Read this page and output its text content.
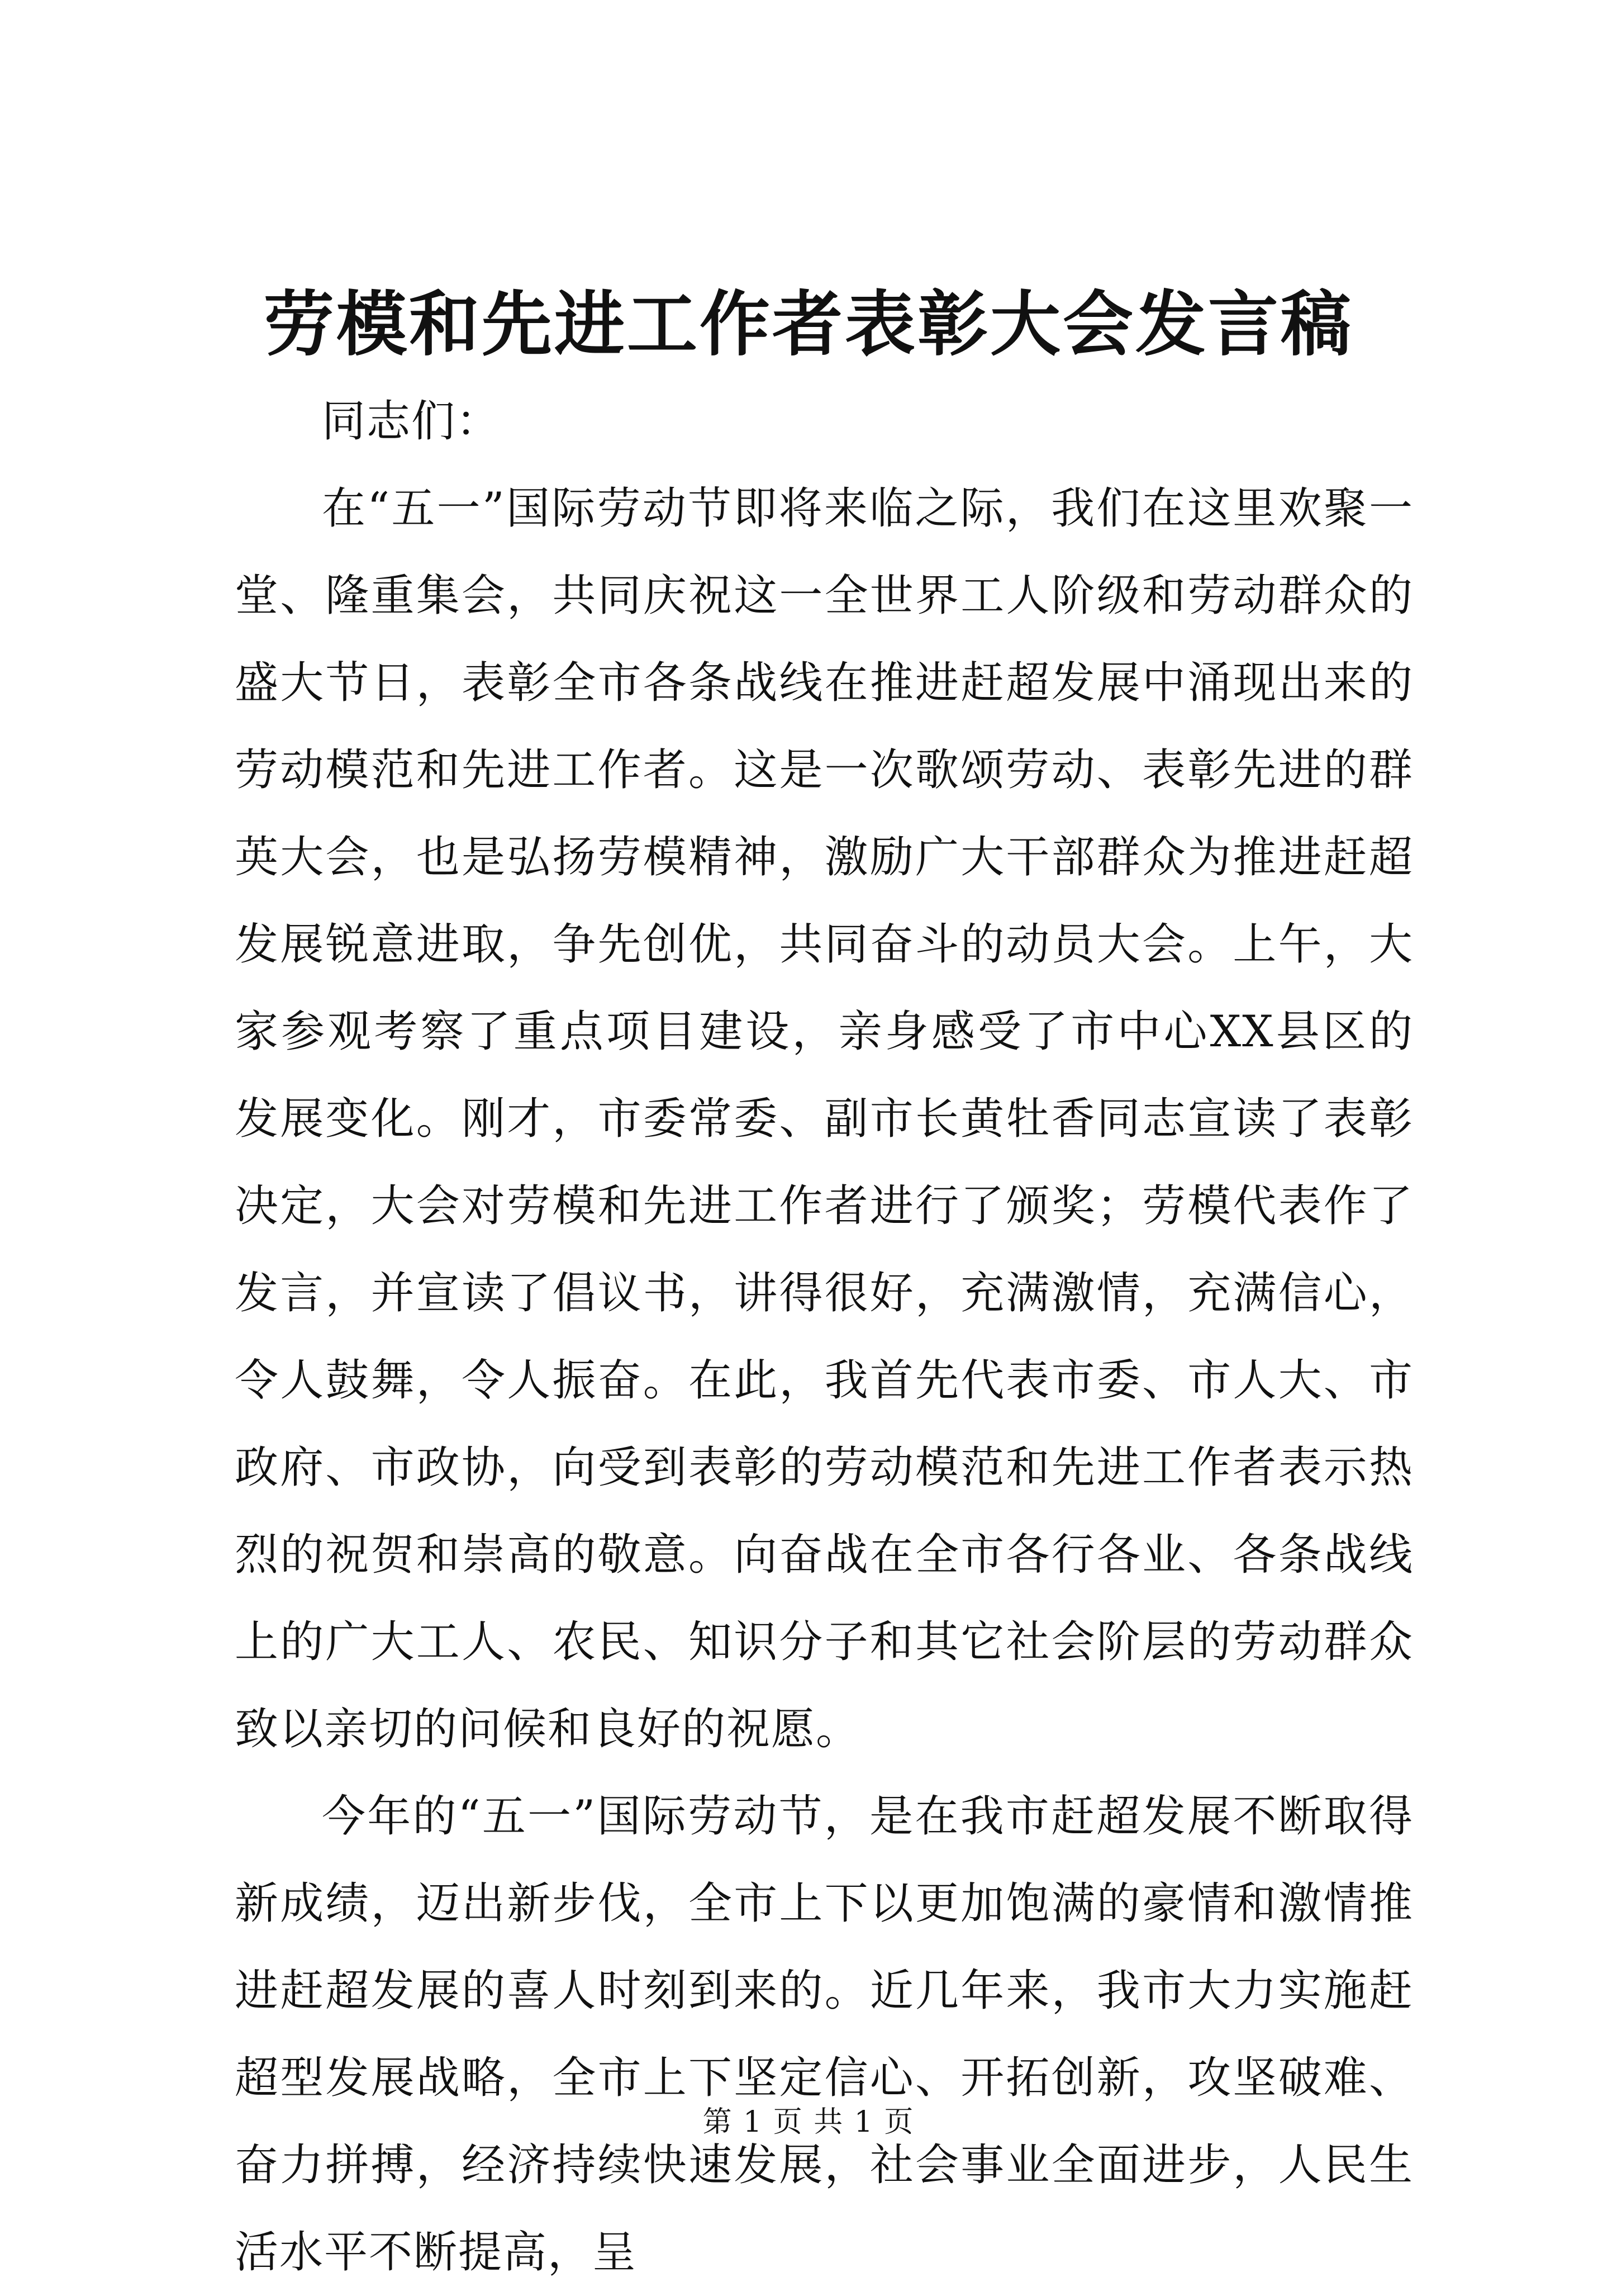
劳模和先进工作者表彰大会发言稿

同志们：

在“五一”国际劳动节即将来临之际，我们在这里欢聚一堂、隆重集会，共同庆祝这一全世界工人阶级和劳动群众的盛大节日，表彰全市各条战线在推进赶超发展中涌现出来的劳动模范和先进工作者。这是一次歌颂劳动、表彰先进的群英大会，也是弘扬劳模精神，激励广大干部群众为推进赶超发展锐意进取，争先创优，共同奋斗的动员大会。上午，大家参观考察了重点项目建设，亲身感受了市中心XX县区的发展变化。刚才，市委常委、副市长黄牡香同志宣读了表彰决定，大会对劳模和先进工作者进行了颁奖；劳模代表作了发言，并宣读了倡议书，讲得很好，充满激情，充满信心，令人鼓舞，令人振奋。在此，我首先代表市委、市人大、市政府、市政协，向受到表彰的劳动模范和先进工作者表示热烈的祝贺和崇高的敬意。向奋战在全市各行各业、各条战线上的广大工人、农民、知识分子和其它社会阶层的劳动群众致以亲切的问候和良好的祝愿。

今年的“五一”国际劳动节，是在我市赶超发展不断取得新成绩，迈出新步伐，全市上下以更加饱满的豪情和激情推进赶超发展的喜人时刻到来的。近几年来，我市大力实施赶超型发展战略，全市上下坚定信心、开拓创新，攻坚破难、奋力拼搏，经济持续快速发展，社会事业全面进步，人民生活水平不断提高，呈

第 1 页 共 1 页
